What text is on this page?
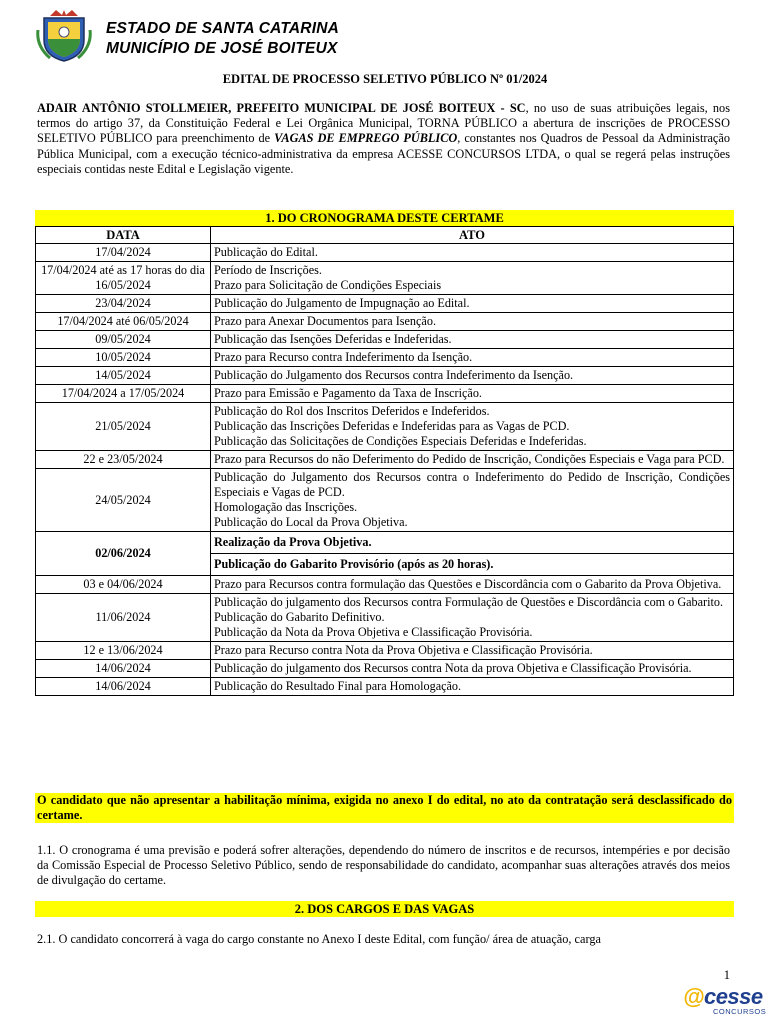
ESTADO DE SANTA CATARINA
MUNICÍPIO DE JOSÉ BOITEUX
EDITAL DE PROCESSO SELETIVO PÚBLICO Nº 01/2024
ADAIR ANTÔNIO STOLLMEIER, PREFEITO MUNICIPAL DE JOSÉ BOITEUX - SC, no uso de suas atribuições legais, nos termos do artigo 37, da Constituição Federal e Lei Orgânica Municipal, TORNA PÚBLICO a abertura de inscrições de PROCESSO SELETIVO PÚBLICO para preenchimento de VAGAS DE EMPREGO PÚBLICO, constantes nos Quadros de Pessoal da Administração Pública Municipal, com a execução técnico-administrativa da empresa ACESSE CONCURSOS LTDA, o qual se regerá pelas instruções especiais contidas neste Edital e Legislação vigente.
1. DO CRONOGRAMA DESTE CERTAME
DATA	ATO
17/04/2024	Publicação do Edital.

17/04/2024 até as 17 horas do dia 16/05/2024	Período de Inscrições.
Prazo para Solicitação de Condições Especiais

23/04/2024	Publicação do Julgamento de Impugnação ao Edital.

17/04/2024 até 06/05/2024	Prazo para Anexar Documentos para Isenção.

09/05/2024	Publicação das Isenções Deferidas e Indeferidas.

10/05/2024	Prazo para Recurso contra Indeferimento da Isenção.

14/05/2024	Publicação do Julgamento dos Recursos contra Indeferimento da Isenção.

17/04/2024 a 17/05/2024	Prazo para Emissão e Pagamento da Taxa de Inscrição.

21/05/2024	Publicação do Rol dos Inscritos Deferidos e Indeferidos.
Publicação das Inscrições Deferidas e Indeferidas para as Vagas de PCD.
Publicação das Solicitações de Condições Especiais Deferidas e Indeferidas.

22 e 23/05/2024	Prazo para Recursos do não Deferimento do Pedido de Inscrição, Condições Especiais e Vaga para PCD.

24/05/2024	Publicação do Julgamento dos Recursos contra o Indeferimento do Pedido de Inscrição, Condições Especiais e Vagas de PCD.
Homologação das Inscrições.
Publicação do Local da Prova Objetiva.

02/06/2024	Realização da Prova Objetiva.
	Publicação do Gabarito Provisório (após as 20 horas).
03 e 04/06/2024	Prazo para Recursos contra formulação das Questões e Discordância com o Gabarito da Prova Objetiva.

11/06/2024	Publicação do julgamento dos Recursos contra Formulação de Questões e Discordância com o Gabarito.
Publicação do Gabarito Definitivo.
Publicação da Nota da Prova Objetiva e Classificação Provisória.

12 e 13/06/2024	Prazo para Recurso contra Nota da Prova Objetiva e Classificação Provisória.

14/06/2024	Publicação do julgamento dos Recursos contra Nota da prova Objetiva e Classificação Provisória.

14/06/2024	Publicação do Resultado Final para Homologação.
O candidato que não apresentar a habilitação mínima, exigida no anexo I do edital, no ato da contratação será desclassificado do certame.
1.1. O cronograma é uma previsão e poderá sofrer alterações, dependendo do número de inscritos e de recursos, intempéries e por decisão da Comissão Especial de Processo Seletivo Público, sendo de responsabilidade do candidato, acompanhar suas alterações através dos meios de divulgação do certame.
2. DOS CARGOS E DAS VAGAS
2.1. O candidato concorrerá à vaga do cargo constante no Anexo I deste Edital, com função/ área de atuação, carga
1
@cesse
CONCURSOS
